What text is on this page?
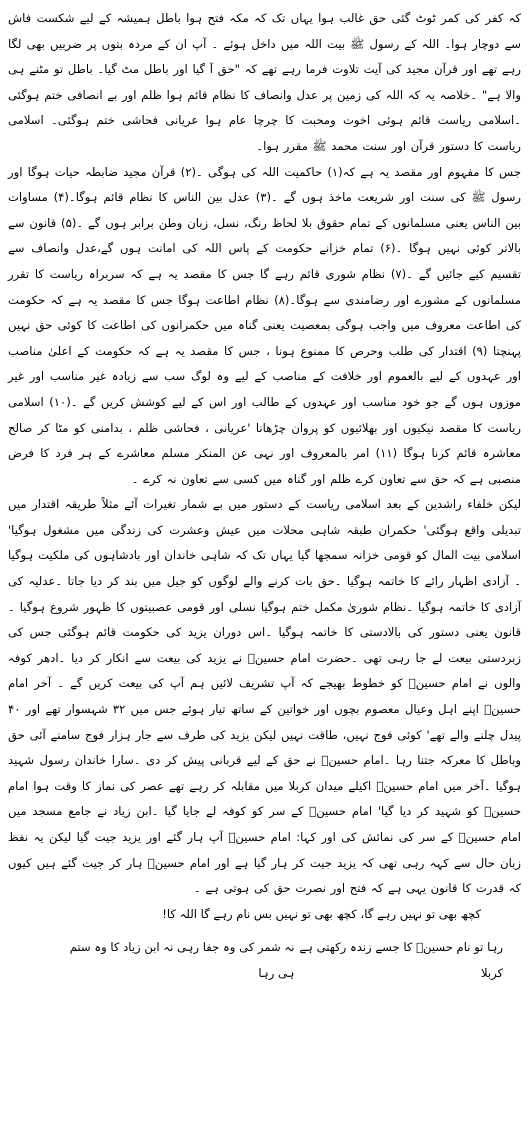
کہ کفر کی کمر ٹوٹ گئی حق غالب ہوا یہاں تک کہ مکہ فتح ہوا باطل ہمیشہ کے لیے شکست فاش سے دوچار ہوا۔ اللہ کے رسول ﷺ بیت اللہ میں داخل ہوئے ۔ آپ ان کے مردہ بتوں پر ضربیں بھی لگا رہے تھے اور قرآن مجید کی آیت تلاوت فرما رہے تھے کہ "حق آ گیا اور باطل مٹ گیا۔ باطل تو مٹنے ہی والا ہے" ۔خلاصہ یہ کہ اللہ کی زمین پر عدل وانصاف کا نظام قائم ہوا ظلم اور بے انصافی ختم ہوگئی ۔اسلامی ریاست قائم ہوئی اخوت ومحبت کا چرچا عام ہوا عریانی فحاشی ختم ہوگئی۔ اسلامی ریاست کا دستور قرآن اور سنت محمد ﷺ مقرر ہوا۔

جس کا مفہوم اور مقصد یہ ہے کہ(۱) حاکمیت اللہ کی ہوگی ۔(۲) قرآن مجید ضابطہ حیات ہوگا اور رسول ﷺ کی سنت اور شریعت ماخذ ہوں گے ۔(۳) عدل بین الناس کا نظام قائم ہوگا۔(۴) مساوات بین الناس یعنی مسلمانوں کے تمام حقوق بلا لحاظ رنگ، نسل، زبان وطن برابر ہوں گے ۔(۵) قانون سے بالاتر کوئی نہیں ہوگا ۔(۶) تمام خزانے حکومت کے پاس اللہ کی امانت ہوں گے،عدل وانصاف سے تقسیم کیے جائیں گے ۔(۷) نظام شوری قائم رہے گا جس کا مقصد یہ ہے کہ سربراہ ریاست کا تقرر مسلمانوں کے مشورے اور رضامندی سے ہوگا۔(۸) نظام اطاعت ہوگا جس کا مقصد یہ ہے کہ حکومت کی اطاعت معروف میں واجب ہوگی بمعصیت یعنی گناہ میں حکمرانوں کی اطاعت کا کوئی حق نہیں پہنچتا (۹) اقتدار کی طلب وحرص کا ممنوع ہونا ، جس کا مقصد یہ ہے کہ حکومت کے اعلیٰ مناصب اور عہدوں کے لیے بالعموم اور خلافت کے مناصب کے لیے وہ لوگ سب سے زیادہ غیر مناسب اور غیر موزوں ہوں گے جو خود مناسب اور عہدوں کے طالب اور اس کے لیے کوشش کریں گے ۔(۱۰) اسلامی ریاست کا مقصد نیکیوں اور بھلائیوں کو پروان چڑھانا 'عریانی ، فحاشی ظلم ، بدامنی کو مٹا کر صالح معاشرہ قائم کرنا ہوگا (۱۱) امر بالمعروف اور نہی عن المنکر مسلم معاشرے کے ہر فرد کا فرض منصبی ہے کہ حق سے تعاون کرے ظلم اور گناہ میں کسی سے تعاون نہ کرے ۔

لیکن خلفاء راشدین کے بعد اسلامی ریاست کے دستور میں بے شمار تغیرات آئے مثلاً طریقہ اقتدار میں تبدیلی واقع ہوگئی' حکمران طبقہ شاہی محلات میں عیش وعشرت کی زندگی میں مشغول ہوگیا' اسلامی بیت المال کو قومی خزانہ سمجھا گیا یہاں تک کہ شاہی خاندان اور بادشاہوں کی ملکیت ہوگیا ۔ آزادی اظہار رائے کا خاتمہ ہوگیا ۔حق بات کرنے والے لوگوں کو جیل میں بند کر دیا جاتا ۔عدلیہ کی آزادی کا خاتمہ ہوگیا ۔نظام شوریٰ مکمل ختم ہوگیا نسلی اور قومی عصبیتوں کا ظہور شروع ہوگیا ۔ قانون یعنی دستور کی بالادستی کا خاتمہ ہوگیا ۔اس دوران یزید کی حکومت قائم ہوگئی جس کی زبردستی بیعت لے جا رہی تھی ۔حضرت امام حسینؓ نے یزید کی بیعت سے انکار کر دیا ۔ادھر کوفہ والوں نے امام حسینؓ کو خطوط بھیجے کہ آپ تشریف لائیں ہم آپ کی بیعت کریں گے ۔ آخر امام حسینؓ اپنے اہل وعیال معصوم بچوں اور خواتین کے ساتھ تیار ہوئے جس میں ۳۲ شہسوار تھے اور ۴۰ پیدل چلنے والے تھے' کوئی فوج نہیں، طاقت نہیں لیکن یزید کی طرف سے جار ہزار فوج سامنے آئی حق وباطل کا معرکہ جتنا رہا ۔امام حسینؓ نے حق کے لیے قربانی پیش کر دی ۔سارا خاندان رسول شہید ہوگیا ۔آخر میں امام حسینؓ اکیلے میدان کربلا میں مقابلہ کر رہے تھے عصر کی نماز کا وقت ہوا امام حسینؓ کو شہید کر دیا گیا' امام حسینؓ کے سر کو کوفہ لے جایا گیا ۔ابن زیاد نے جامع مسجد میں امام حسینؓ کے سر کی نمائش کی اور کہا: امام حسینؓ آپ ہار گئے اور یزید جیت گیا لیکن یہ نفظ زبان حال سے کہہ رہی تھی کہ یزید جیت کر ہار گیا ہے اور امام حسینؓ ہار کر جیت گئے ہیں کیوں کہ قدرت کا قانون یہی ہے کہ فتح اور نصرت حق کی ہوتی ہے ۔

کچھ بھی تو نہیں رہے گا، کچھ بھی تو نہیں بس نام رہے گا اللہ کا!

رہا تو نام حسینؓ کا جسے زندہ رکھتی ہے کربلا
نہ شمر کی وہ جفا رہی نہ ابن زیاد کا وہ ستم ہی رہا
